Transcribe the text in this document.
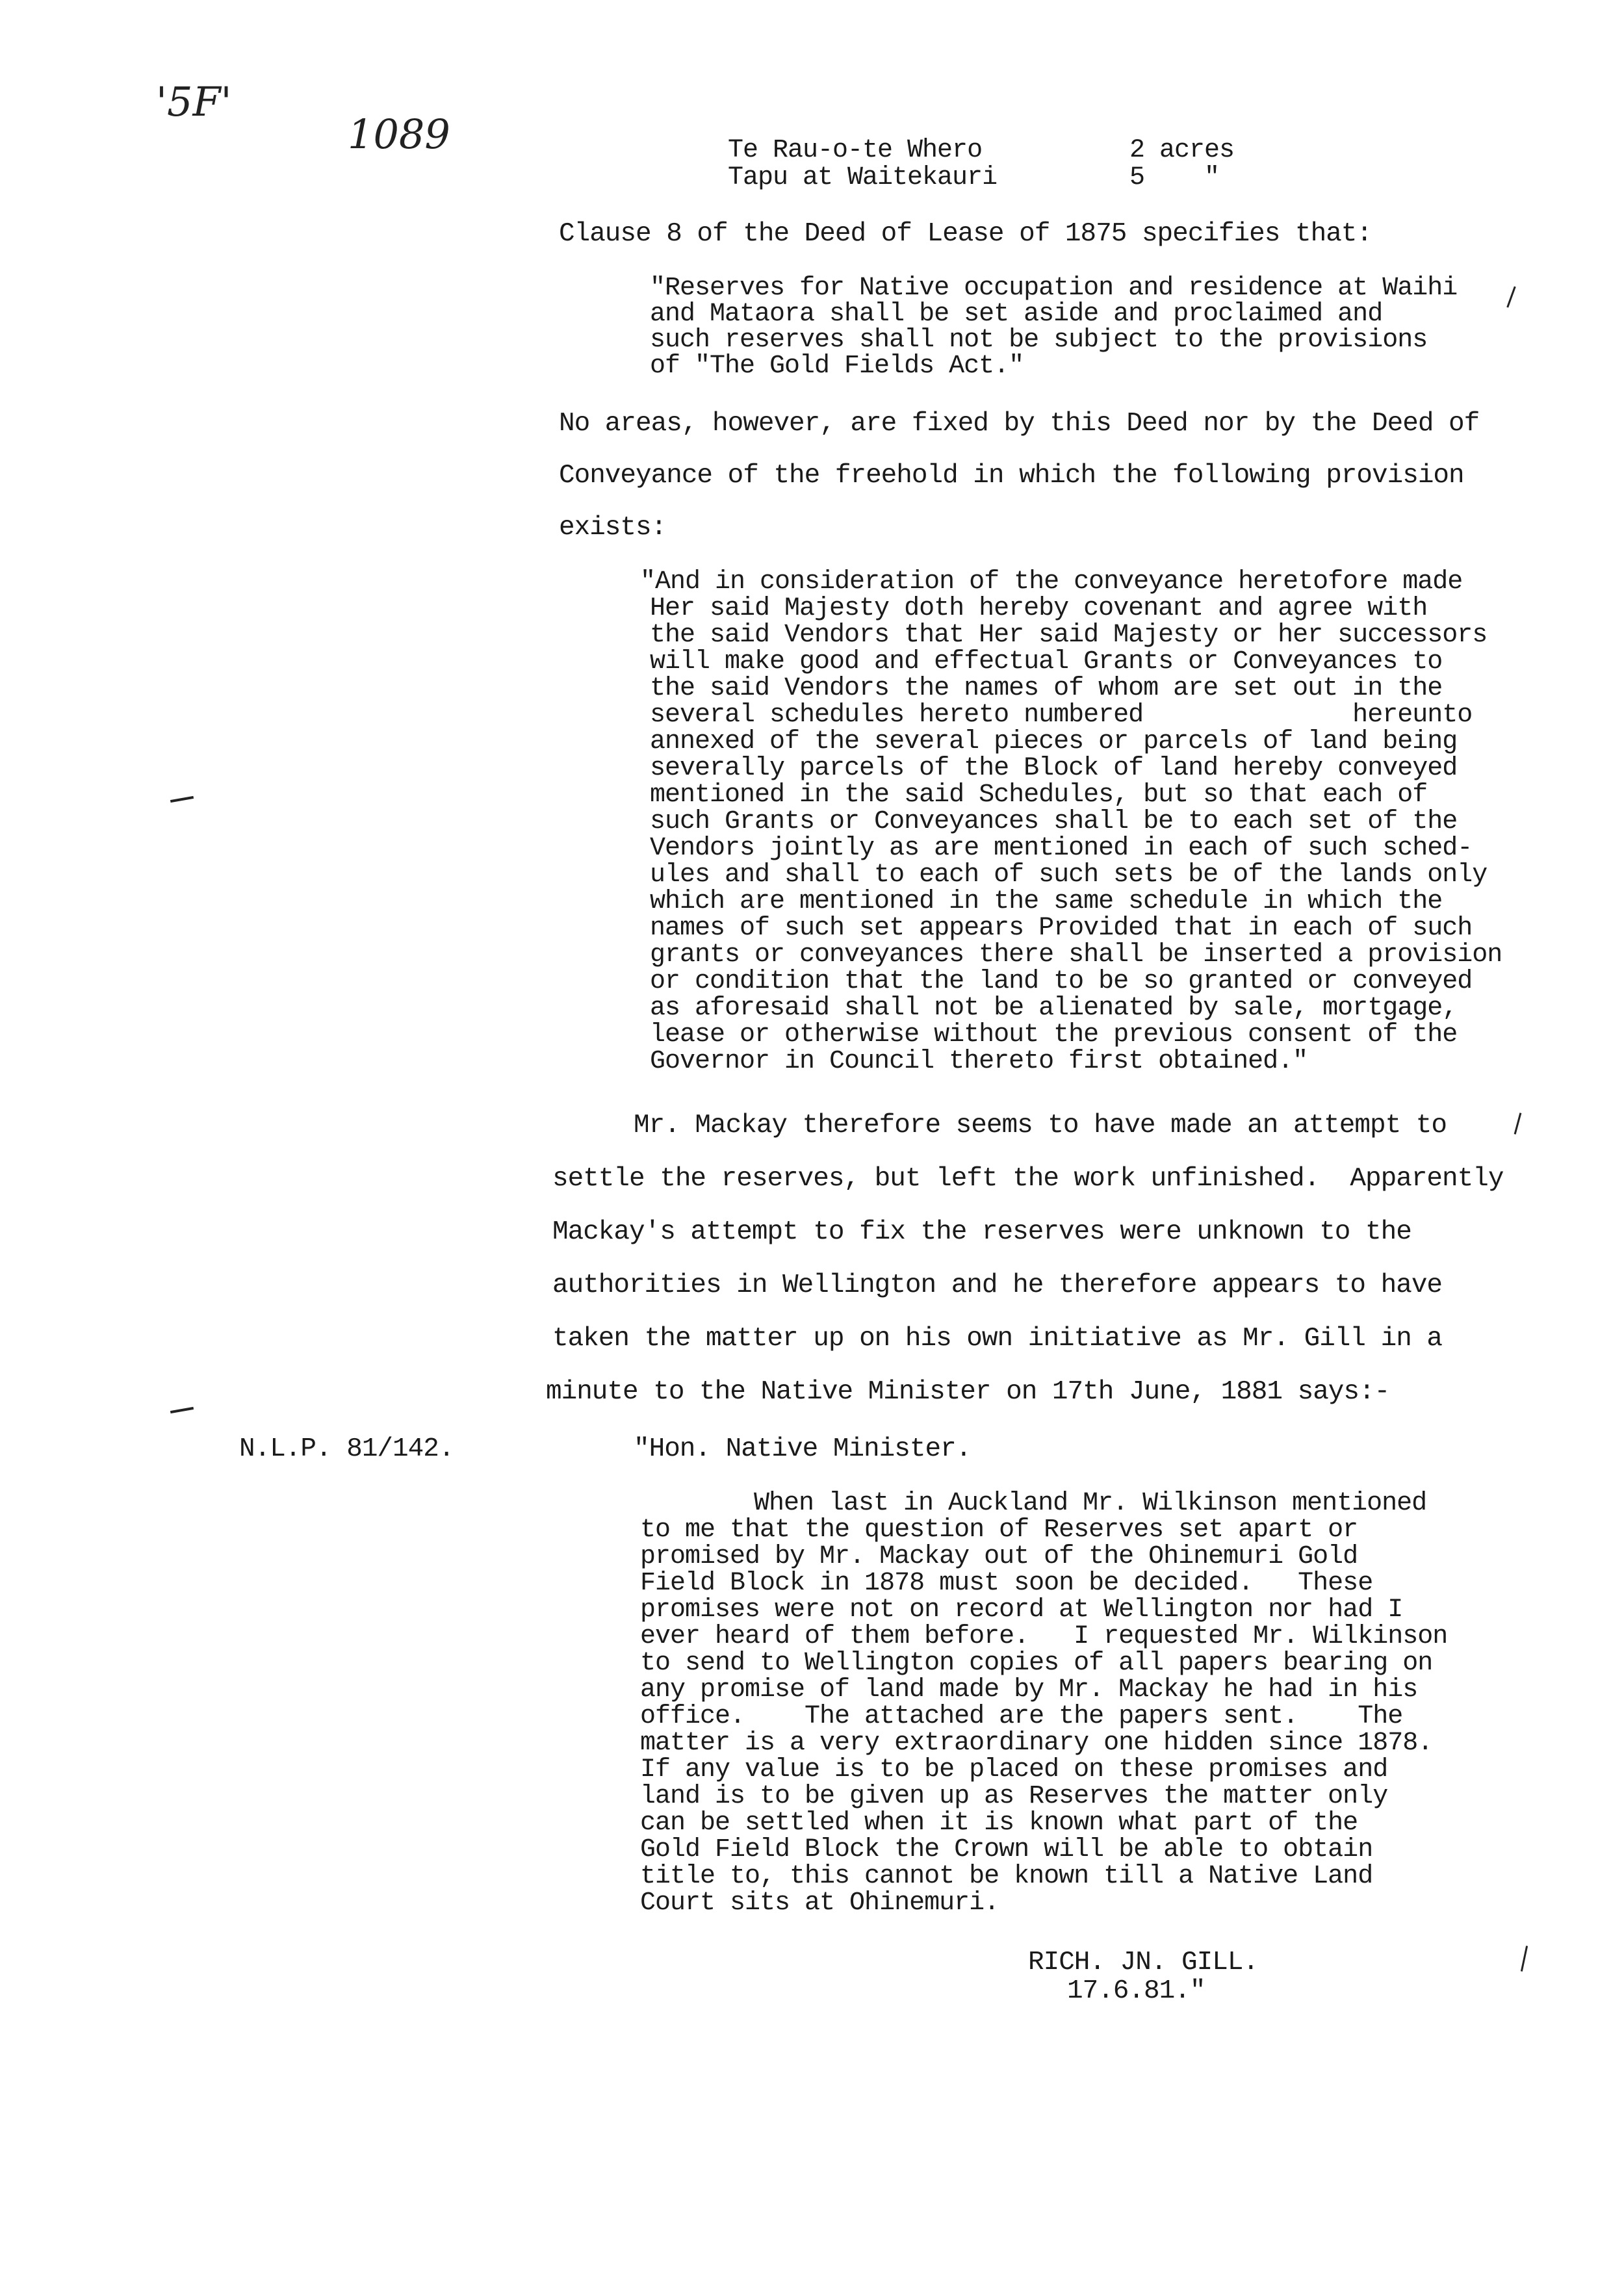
'5F'
1089	Te Rau-o-te Whero	2 acres
Tapu at Waitekauri	5    "
Clause 8 of the Deed of Lease of 1875 specifies that:
"Reserves for Native occupation and residence at Waihi
and Mataora shall be set aside and proclaimed and
such reserves shall not be subject to the provisions
of "The Gold Fields Act."
No areas, however, are fixed by this Deed nor by the Deed of
Conveyance of the freehold in which the following provision
exists:
"And in consideration of the conveyance heretofore made
Her said Majesty doth hereby covenant and agree with
the said Vendors that Her said Majesty or her successors
will make good and effectual Grants or Conveyances to
the said Vendors the names of whom are set out in the
several schedules hereto numbered              hereunto
annexed of the several pieces or parcels of land being
severally parcels of the Block of land hereby conveyed
mentioned in the said Schedules, but so that each of
such Grants or Conveyances shall be to each set of the
Vendors jointly as are mentioned in each of such sched-
ules and shall to each of such sets be of the lands only
which are mentioned in the same schedule in which the
names of such set appears Provided that in each of such
grants or conveyances there shall be inserted a provision
or condition that the land to be so granted or conveyed
as aforesaid shall not be alienated by sale, mortgage,
lease or otherwise without the previous consent of the
Governor in Council thereto first obtained."
Mr. Mackay therefore seems to have made an attempt to
settle the reserves, but left the work unfinished.  Apparently
Mackay's attempt to fix the reserves were unknown to the
authorities in Wellington and he therefore appears to have
taken the matter up on his own initiative as Mr. Gill in a
minute to the Native Minister on 17th June, 1881 says:-
N.L.P. 81/142.	"Hon. Native Minister.
When last in Auckland Mr. Wilkinson mentioned
to me that the question of Reserves set apart or
promised by Mr. Mackay out of the Ohinemuri Gold
Field Block in 1878 must soon be decided.   These
promises were not on record at Wellington nor had I
ever heard of them before.   I requested Mr. Wilkinson
to send to Wellington copies of all papers bearing on
any promise of land made by Mr. Mackay he had in his
office.    The attached are the papers sent.    The
matter is a very extraordinary one hidden since 1878.
If any value is to be placed on these promises and
land is to be given up as Reserves the matter only
can be settled when it is known what part of the
Gold Field Block the Crown will be able to obtain
title to, this cannot be known till a Native Land
Court sits at Ohinemuri.
RICH. JN. GILL.
17.6.81."
